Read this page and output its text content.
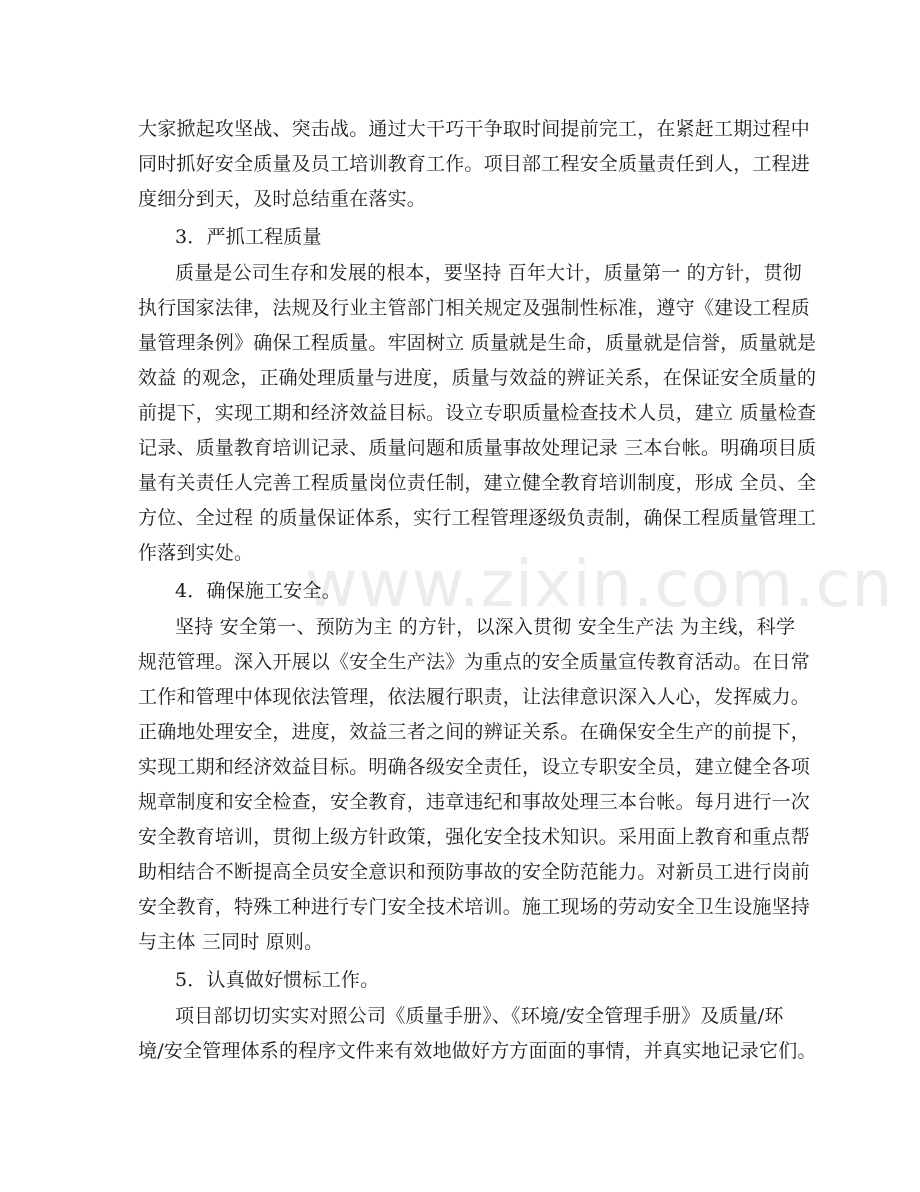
www.zixin.com.cn
大家掀起攻坚战、突击战。通过大干巧干争取时间提前完工，在紧赶工期过程中
同时抓好安全质量及员工培训教育工作。项目部工程安全质量责任到人，工程进
度细分到天，及时总结重在落实。
3．严抓工程质量
质量是公司生存和发展的根本，要坚持 百年大计，质量第一 的方针，贯彻
执行国家法律，法规及行业主管部门相关规定及强制性标准，遵守《建设工程质
量管理条例》确保工程质量。牢固树立 质量就是生命，质量就是信誉，质量就是
效益 的观念，正确处理质量与进度，质量与效益的辨证关系，在保证安全质量的
前提下，实现工期和经济效益目标。设立专职质量检查技术人员，建立 质量检查
记录、质量教育培训记录、质量问题和质量事故处理记录 三本台帐。明确项目质
量有关责任人完善工程质量岗位责任制，建立健全教育培训制度，形成 全员、全
方位、全过程 的质量保证体系，实行工程管理逐级负责制，确保工程质量管理工
作落到实处。
4．确保施工安全。
坚持 安全第一、预防为主 的方针，以深入贯彻 安全生产法 为主线，科学
规范管理。深入开展以《安全生产法》为重点的安全质量宣传教育活动。在日常
工作和管理中体现依法管理，依法履行职责，让法律意识深入人心，发挥威力。
正确地处理安全，进度，效益三者之间的辨证关系。在确保安全生产的前提下，
实现工期和经济效益目标。明确各级安全责任，设立专职安全员，建立健全各项
规章制度和安全检查，安全教育，违章违纪和事故处理三本台帐。每月进行一次
安全教育培训，贯彻上级方针政策，强化安全技术知识。采用面上教育和重点帮
助相结合不断提高全员安全意识和预防事故的安全防范能力。对新员工进行岗前
安全教育，特殊工种进行专门安全技术培训。施工现场的劳动安全卫生设施坚持
与主体 三同时 原则。
5．认真做好惯标工作。
项目部切切实实对照公司《质量手册》、《环境/安全管理手册》及质量/环
境/安全管理体系的程序文件来有效地做好方方面面的事情，并真实地记录它们。
